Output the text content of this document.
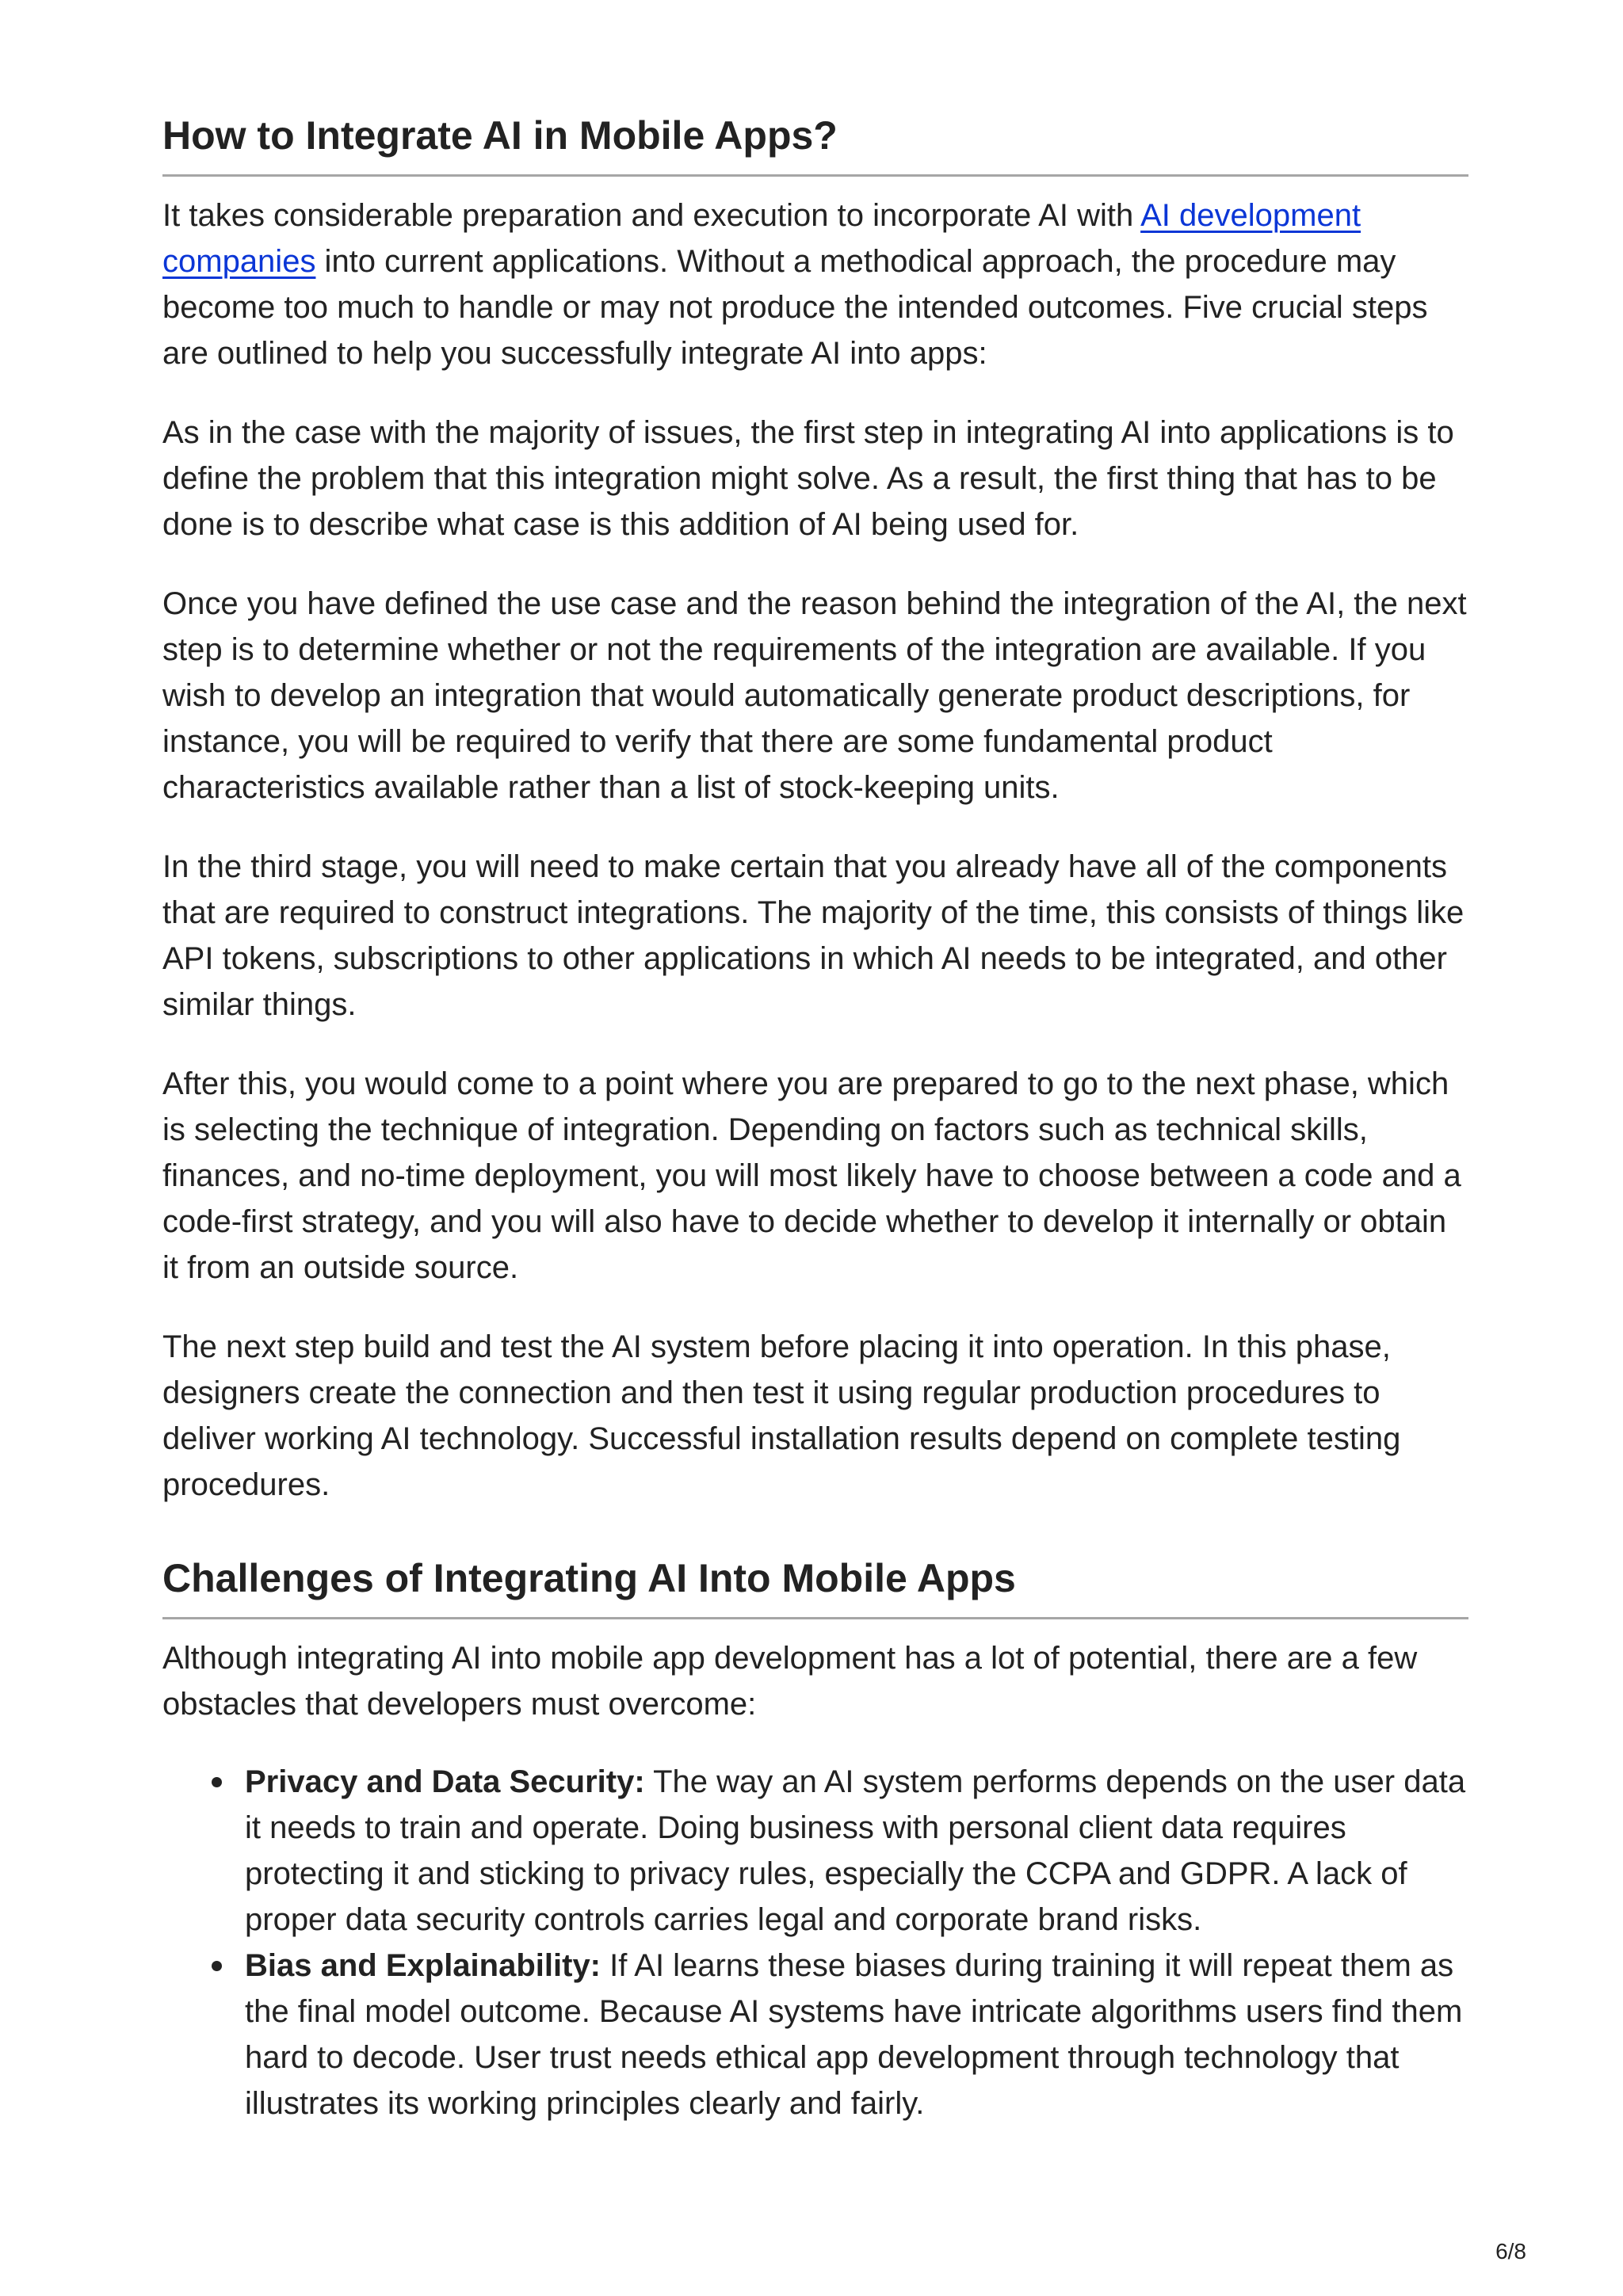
How to Integrate AI in Mobile Apps?

It takes considerable preparation and execution to incorporate AI with AI development companies into current applications. Without a methodical approach, the procedure may become too much to handle or may not produce the intended outcomes. Five crucial steps are outlined to help you successfully integrate AI into apps:

As in the case with the majority of issues, the first step in integrating AI into applications is to define the problem that this integration might solve. As a result, the first thing that has to be done is to describe what case is this addition of AI being used for.

Once you have defined the use case and the reason behind the integration of the AI, the next step is to determine whether or not the requirements of the integration are available. If you wish to develop an integration that would automatically generate product descriptions, for instance, you will be required to verify that there are some fundamental product characteristics available rather than a list of stock-keeping units.

In the third stage, you will need to make certain that you already have all of the components that are required to construct integrations. The majority of the time, this consists of things like API tokens, subscriptions to other applications in which AI needs to be integrated, and other similar things.

After this, you would come to a point where you are prepared to go to the next phase, which is selecting the technique of integration. Depending on factors such as technical skills, finances, and no-time deployment, you will most likely have to choose between a code and a code-first strategy, and you will also have to decide whether to develop it internally or obtain it from an outside source.

The next step build and test the AI system before placing it into operation. In this phase, designers create the connection and then test it using regular production procedures to deliver working AI technology. Successful installation results depend on complete testing procedures.

Challenges of Integrating AI Into Mobile Apps

Although integrating AI into mobile app development has a lot of potential, there are a few obstacles that developers must overcome:

Privacy and Data Security: The way an AI system performs depends on the user data it needs to train and operate. Doing business with personal client data requires protecting it and sticking to privacy rules, especially the CCPA and GDPR. A lack of proper data security controls carries legal and corporate brand risks.
Bias and Explainability: If AI learns these biases during training it will repeat them as the final model outcome. Because AI systems have intricate algorithms users find them hard to decode. User trust needs ethical app development through technology that illustrates its working principles clearly and fairly.
6/8
